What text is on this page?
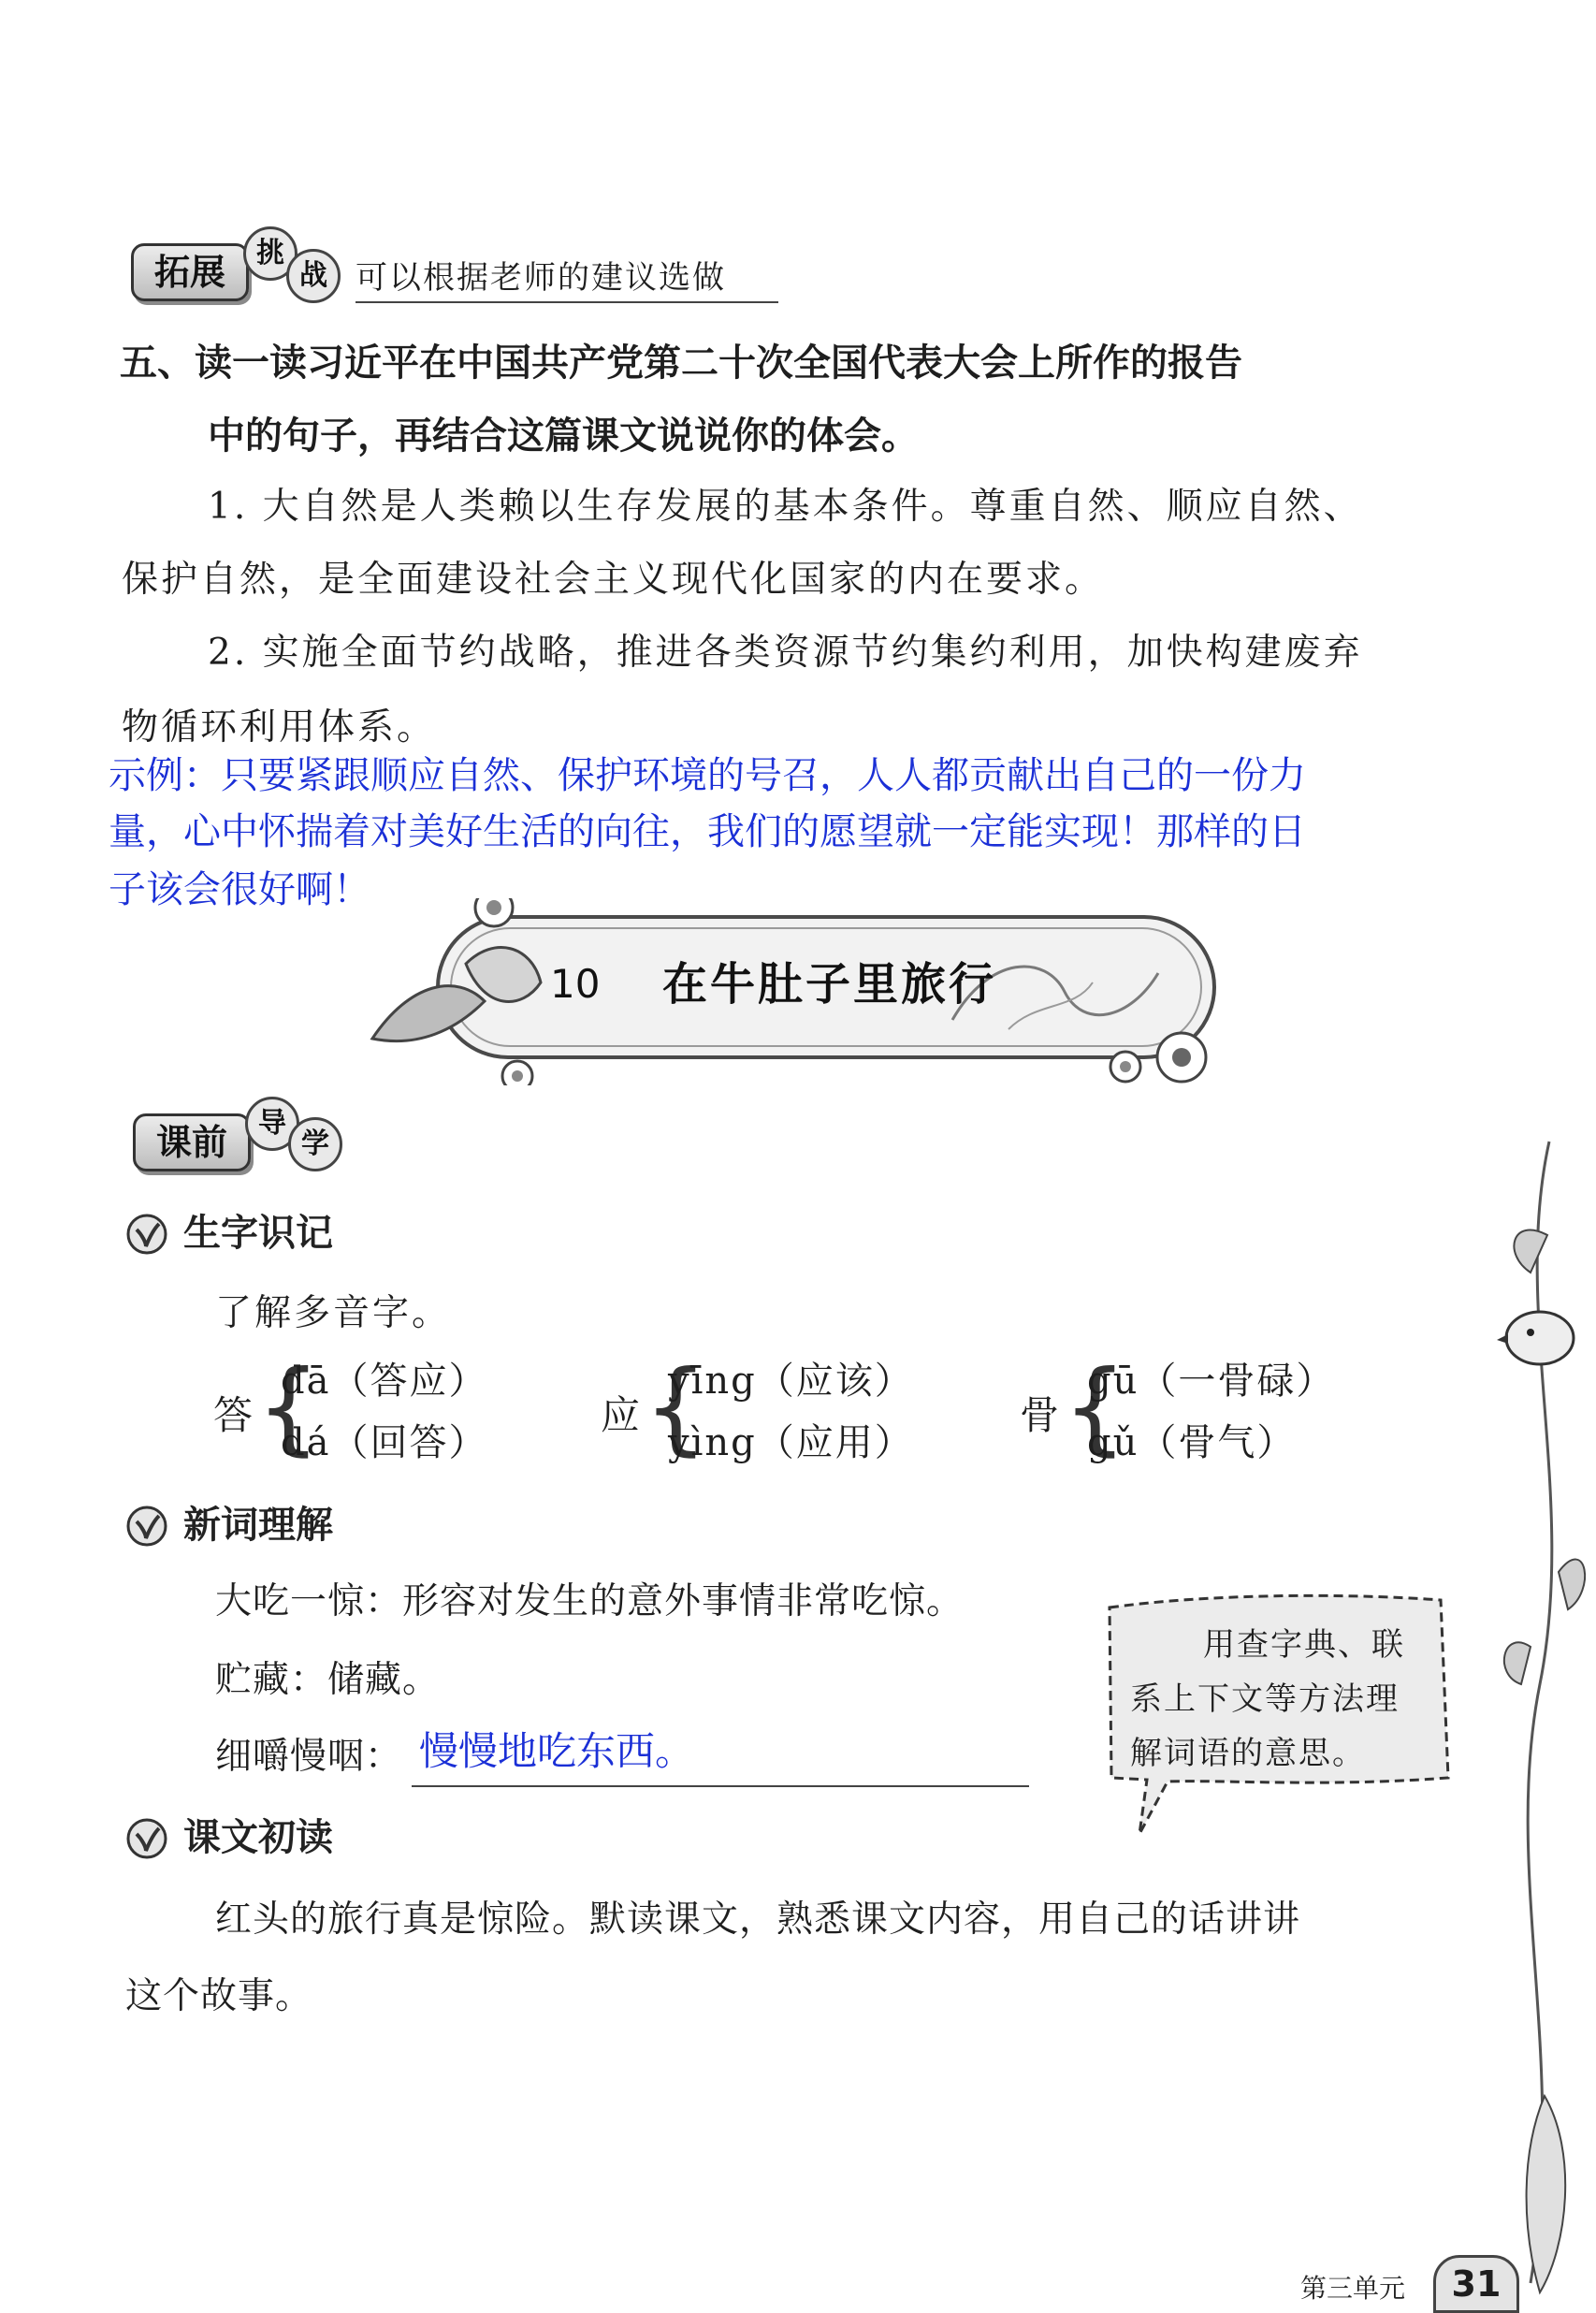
拓展	挑
战 可以根据老师的建议选做
五、读一读习近平在中国共产党第二十次全国代表大会上所作的报告
中的句子，再结合这篇课文说说你的体会。
1. 大自然是人类赖以生存发展的基本条件。尊重自然、顺应自然、
保护自然，是全面建设社会主义现代化国家的内在要求。
2. 实施全面节约战略，推进各类资源节约集约利用，加快构建废弃
物循环利用体系。
示例：只要紧跟顺应自然、保护环境的号召，人人都贡献出自己的一份力
量，心中怀揣着对美好生活的向往，我们的愿望就一定能实现！那样的日
子该会很好啊！
10 在牛肚子里旅行
课前	导
学
生字识记
了解多音字。
答 {
dā（答应）
dá（回答）
应 {
yīng（应该）
yìng（应用）
骨 {
gū（一骨碌）
gǔ（骨气）
新词理解
大吃一惊：形容对发生的意外事情非常吃惊。
贮藏：储藏。
细嚼慢咽： 慢慢地吃东西。
用查字典、联
系上下文等方法理
解词语的意思。
课文初读
红头的旅行真是惊险。默读课文，熟悉课文内容，用自己的话讲讲
这个故事。
第三单元	31
